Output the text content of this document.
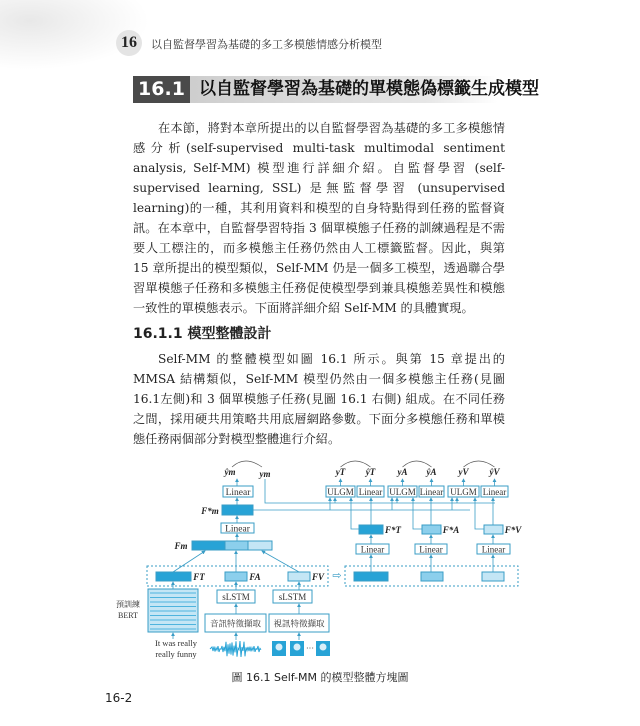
16	以自監督學習為基礎的多工多模態情感分析模型
16.1 以自監督學習為基礎的單模態偽標籤生成模型

在本節，將對本章所提出的以自監督學習為基礎的多工多模態情感分析(self-supervised multi-task multimodal sentiment analysis, Self-MM) 模型進行詳細介紹。自監督學習 (self-supervised learning, SSL) 是無監督學習 (unsupervised learning)的一種，其利用資料和模型的自身特點得到任務的監督資訊。在本章中，自監督學習特指 3 個單模態子任務的訓練過程是不需要人工標注的，而多模態主任務仍然由人工標籤監督。因此，與第 15 章所提出的模型類似，Self-MM 仍是一個多工模型，透過聯合學習單模態子任務和多模態主任務促使模型學到兼具模態差異性和模態一致性的單模態表示。下面將詳細介紹 Self-MM 的具體實現。

16.1.1 模型整體設計

Self-MM 的整體模型如圖 16.1 所示。與第 15 章提出的 MMSA 結構類似，Self-MM 模型仍然由一個多模態主任務(見圖16.1左側)和 3 個單模態子任務(見圖 16.1 右側) 組成。在不同任務之間，採用硬共用策略共用底層網路參數。下面分多模態任務和單模態任務兩個部分對模型整體進行介紹。

ŷm	ym
Linear
F*m
Linear
Fm
FT	FA	FV ⇨
ULGM Linear
yT ŷT
F*T
Linear
ULGM Linear
yA ŷA
F*A
Linear
ULGM Linear
yV ŷV
F*V
Linear
預訓練
BERT
sLSTM	sLSTM
音訊特徵擷取 視訊特徵擷取
It was really
really funny
···
圖 16.1 Self-MM 的模型整體方塊圖
16-2
